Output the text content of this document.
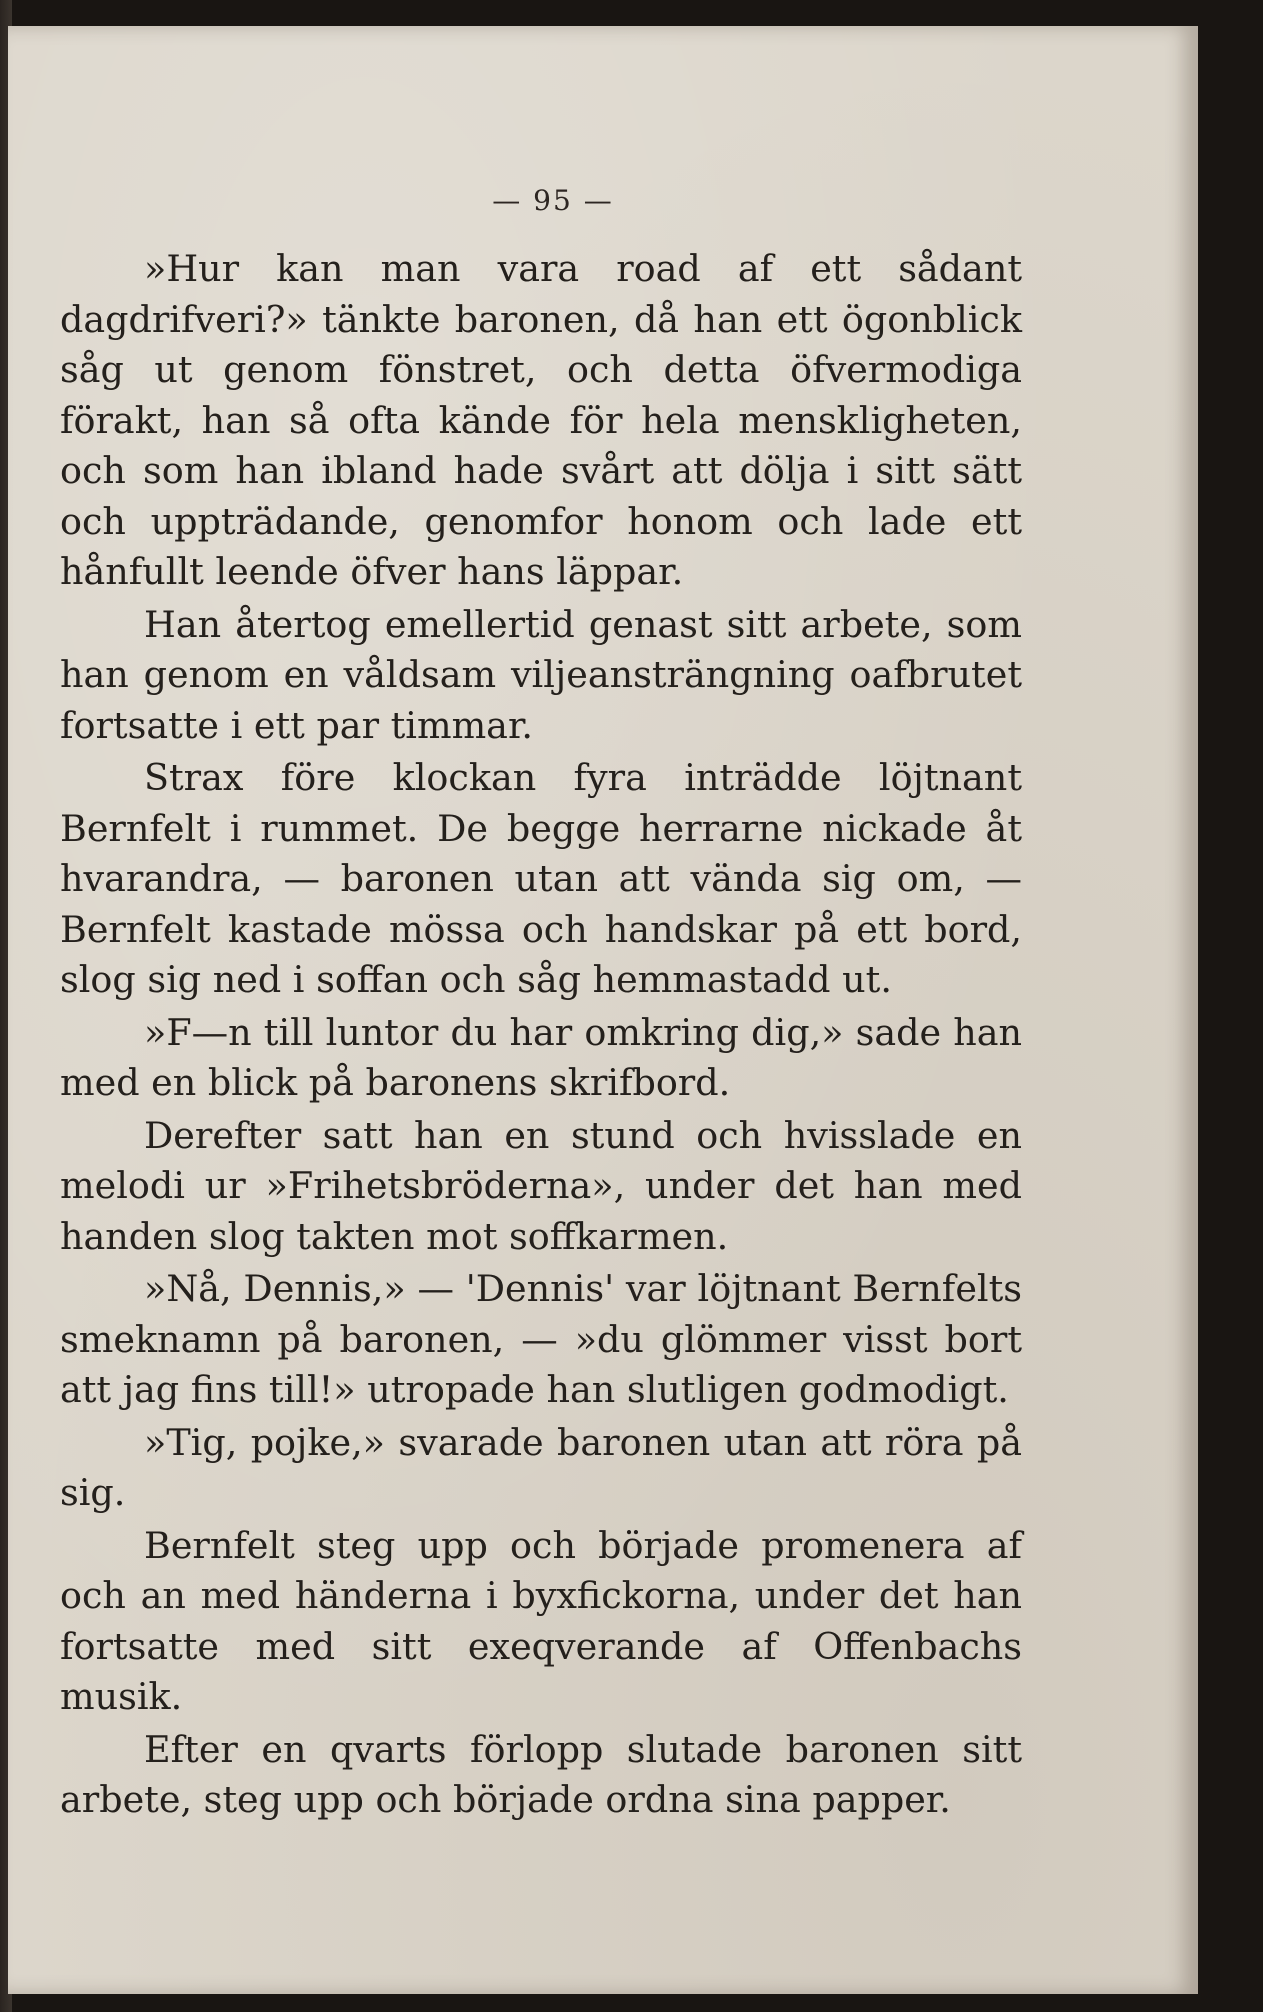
— 95 —

»Hur kan man vara road af ett sådant dagdrifveri?» tänkte baronen, då han ett ögonblick såg ut genom fönstret, och detta öfvermodiga förakt, han så ofta kände för hela menskligheten, och som han ibland hade svårt att dölja i sitt sätt och uppträdande, genomfor honom och lade ett hånfullt leende öfver hans läppar.

Han återtog emellertid genast sitt arbete, som han genom en våldsam viljeansträngning oafbrutet fortsatte i ett par timmar.

Strax före klockan fyra inträdde löjtnant Bernfelt i rummet. De begge herrarne nickade åt hvarandra, — baronen utan att vända sig om, — Bernfelt kastade mössa och handskar på ett bord, slog sig ned i soffan och såg hemmastadd ut.

»F—n till luntor du har omkring dig,» sade han med en blick på baronens skrifbord.

Derefter satt han en stund och hvisslade en melodi ur »Frihetsbröderna», under det han med handen slog takten mot soffkarmen.

»Nå, Dennis,» — 'Dennis' var löjtnant Bernfelts smeknamn på baronen, — »du glömmer visst bort att jag fins till!» utropade han slutligen godmodigt.

»Tig, pojke,» svarade baronen utan att röra på sig.

Bernfelt steg upp och började promenera af och an med händerna i byxfickorna, under det han fortsatte med sitt exeqverande af Offenbachs musik.

Efter en qvarts förlopp slutade baronen sitt arbete, steg upp och började ordna sina papper.
